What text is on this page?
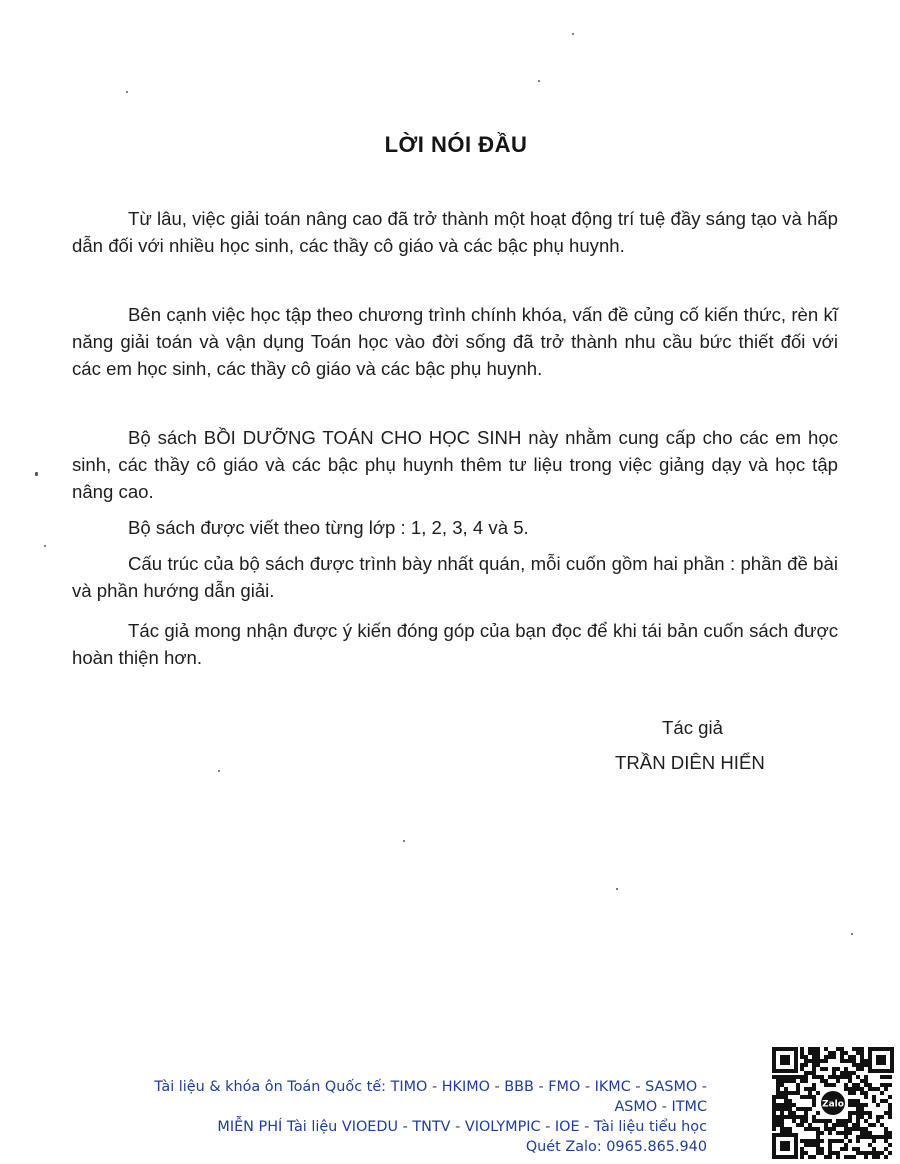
LỜI NÓI ĐẦU

Từ lâu, việc giải toán nâng cao đã trở thành một hoạt động trí tuệ đầy sáng tạo và hấp dẫn đối với nhiều học sinh, các thầy cô giáo và các bậc phụ huynh.

Bên cạnh việc học tập theo chương trình chính khóa, vấn đề củng cố kiến thức, rèn kĩ năng giải toán và vận dụng Toán học vào đời sống đã trở thành nhu cầu bức thiết đối với các em học sinh, các thầy cô giáo và các bậc phụ huynh.

Bộ sách BỒI DƯỠNG TOÁN CHO HỌC SINH này nhằm cung cấp cho các em học sinh, các thầy cô giáo và các bậc phụ huynh thêm tư liệu trong việc giảng dạy và học tập nâng cao.

Bộ sách được viết theo từng lớp : 1, 2, 3, 4 và 5.

Cấu trúc của bộ sách được trình bày nhất quán, mỗi cuốn gồm hai phần : phần đề bài và phần hướng dẫn giải.

Tác giả mong nhận được ý kiến đóng góp của bạn đọc để khi tái bản cuốn sách được hoàn thiện hơn.

Tác giả
TRẦN DIÊN HIỂN
Tài liệu & khóa ôn Toán Quốc tế: TIMO - HKIMO - BBB - FMO - IKMC - SASMO -
ASMO - ITMC
MIỄN PHÍ Tài liệu VIOEDU - TNTV - VIOLYMPIC - IOE - Tài liệu tiểu học
Quét Zalo: 0965.865.940
Zalo
